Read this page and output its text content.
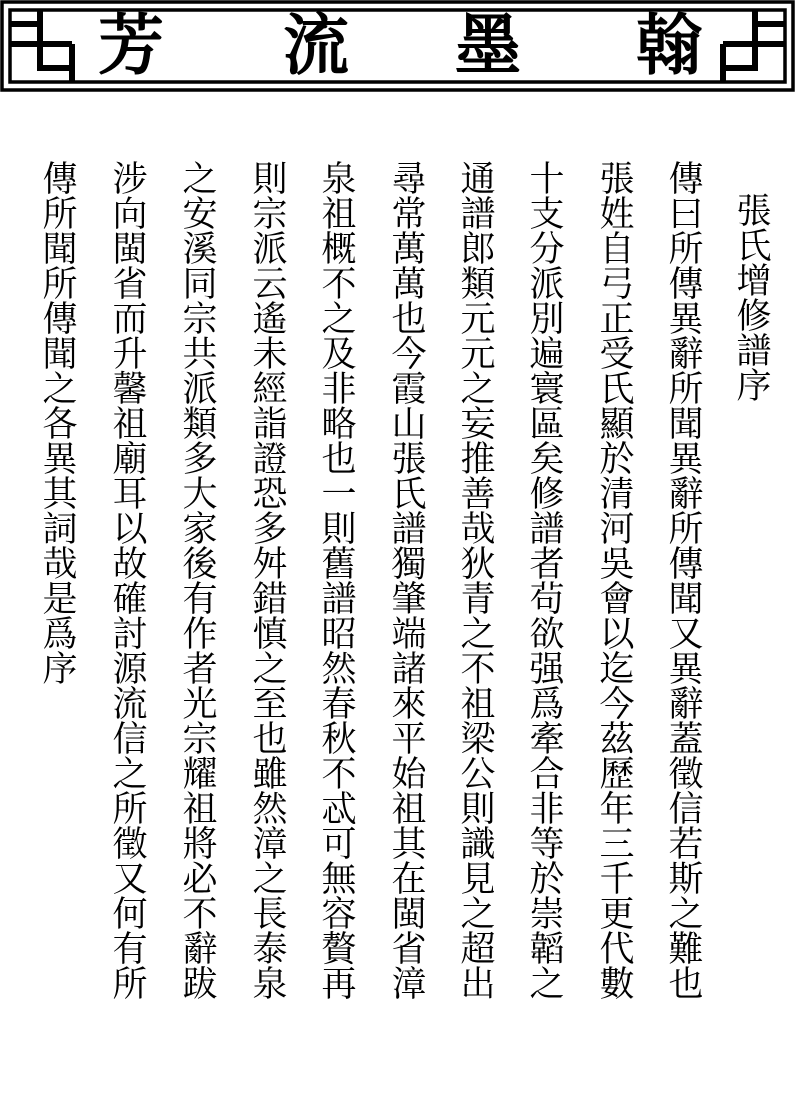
芳 流 墨 翰
張氏增修譜序
傳曰所傳異辭所聞異辭所傳聞又異辭蓋徵信若斯之難也
張姓自弓正受氏顯於清河吳會以迄今茲歷年三千更代數
十支分派別遍寰區矣修譜者茍欲强爲牽合非等於崇韜之
通譜郎類元元之妄推善哉狄青之不祖梁公則識見之超出
尋常萬萬也今霞山張氏譜獨肇端諸來平始祖其在閩省漳
泉祖概不之及非略也一則舊譜昭然春秋不忒可無容贅再
則宗派云遙未經詣證恐多舛錯慎之至也雖然漳之長泰泉
之安溪同宗共派類多大家後有作者光宗耀祖將必不辭跋
涉向閩省而升馨祖廟耳以故確討源流信之所徵又何有所
傳所聞所傳聞之各異其詞哉是爲序
